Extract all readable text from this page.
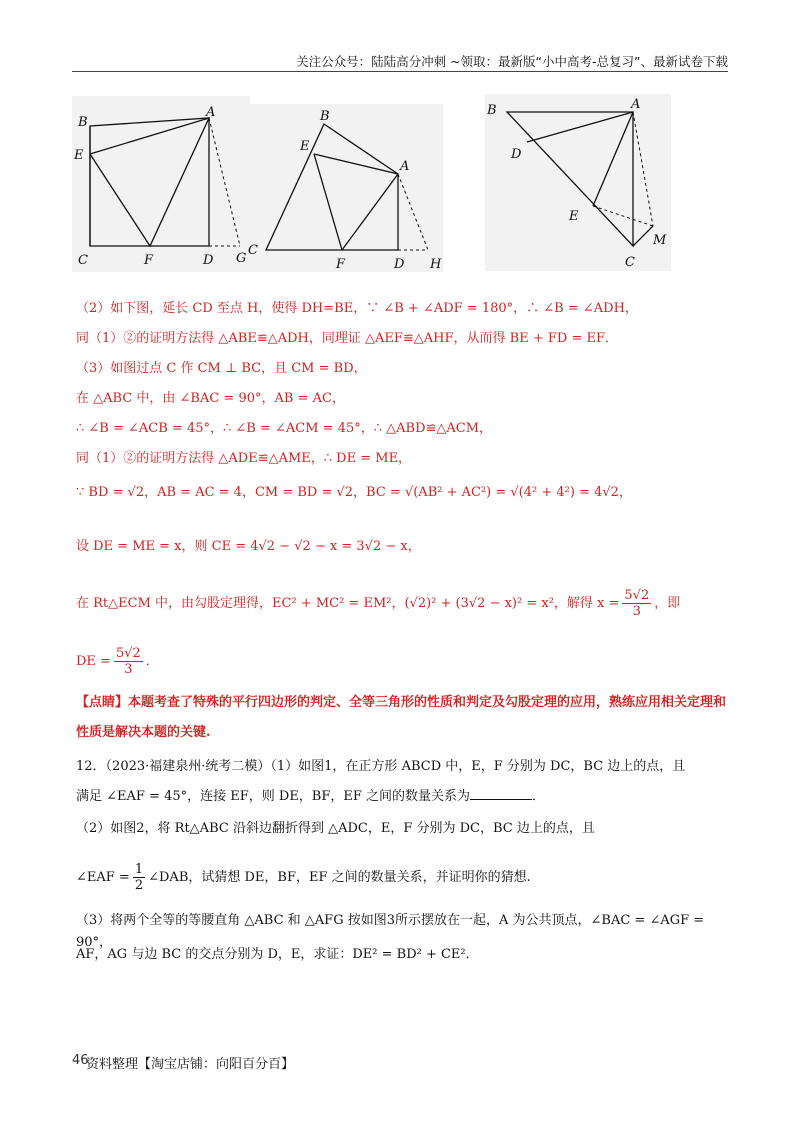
关注公众号：陆陆高分冲刺 ~领取：最新版“小中高考-总复习”、最新试卷下载
B
A
E
C	F	D G
B
E
A
C
F	D H
B	A
D
E
M
C
（2）如下图，延长 CD 至点 H，使得 DH=BE，∵ ∠B + ∠ADF = 180°，∴ ∠B = ∠ADH，
同（1）②的证明方法得 △ABE≌△ADH，同理证 △AEF≌△AHF，从而得 BE + FD = EF．
（3）如图过点 C 作 CM ⊥ BC，且 CM = BD，
在 △ABC 中，由 ∠BAC = 90°，AB = AC，
∴ ∠B = ∠ACB = 45°，∴ ∠B = ∠ACM = 45°，∴ △ABD≌△ACM，
同（1）②的证明方法得 △ADE≌△AME，∴ DE = ME，
∵ BD = √2，AB = AC = 4，CM = BD = √2，BC = √(AB² + AC²) = √(4² + 4²) = 4√2，
设 DE = ME = x，则 CE = 4√2 − √2 − x = 3√2 − x，
在 Rt△ECM 中，由勾股定理得，EC² + MC² = EM²，(√2)² + (3√2 − x)² = x²，解得 $x = \frac{5√2}{3}$ ，即
DE = $\frac{5√2}{3}$ ．
【点睛】本题考查了特殊的平行四边形的判定、全等三角形的性质和判定及勾股定理的应用，熟练应用相关定理和性质是解决本题的关键.
12．（2023·福建泉州·统考二模）（1）如图1，在正方形 ABCD 中，E，F 分别为 DC，BC 边上的点，且
满足 ∠EAF = 45°，连接 EF，则 DE，BF，EF 之间的数量关系为	．
（2）如图2，将 Rt△ABC 沿斜边翻折得到 △ADC，E，F 分别为 DC，BC 边上的点，且
∠EAF = $\frac{1}{2}$ ∠DAB，试猜想 DE，BF，EF 之间的数量关系，并证明你的猜想.
（3）将两个全等的等腰直角 △ABC 和 △AFG 按如图3所示摆放在一起，A 为公共顶点，∠BAC = ∠AGF = 90°，
AF，AG 与边 BC 的交点分别为 D，E，求证：DE² = BD² + CE²．
46
资料整理【淘宝店铺：向阳百分百】
